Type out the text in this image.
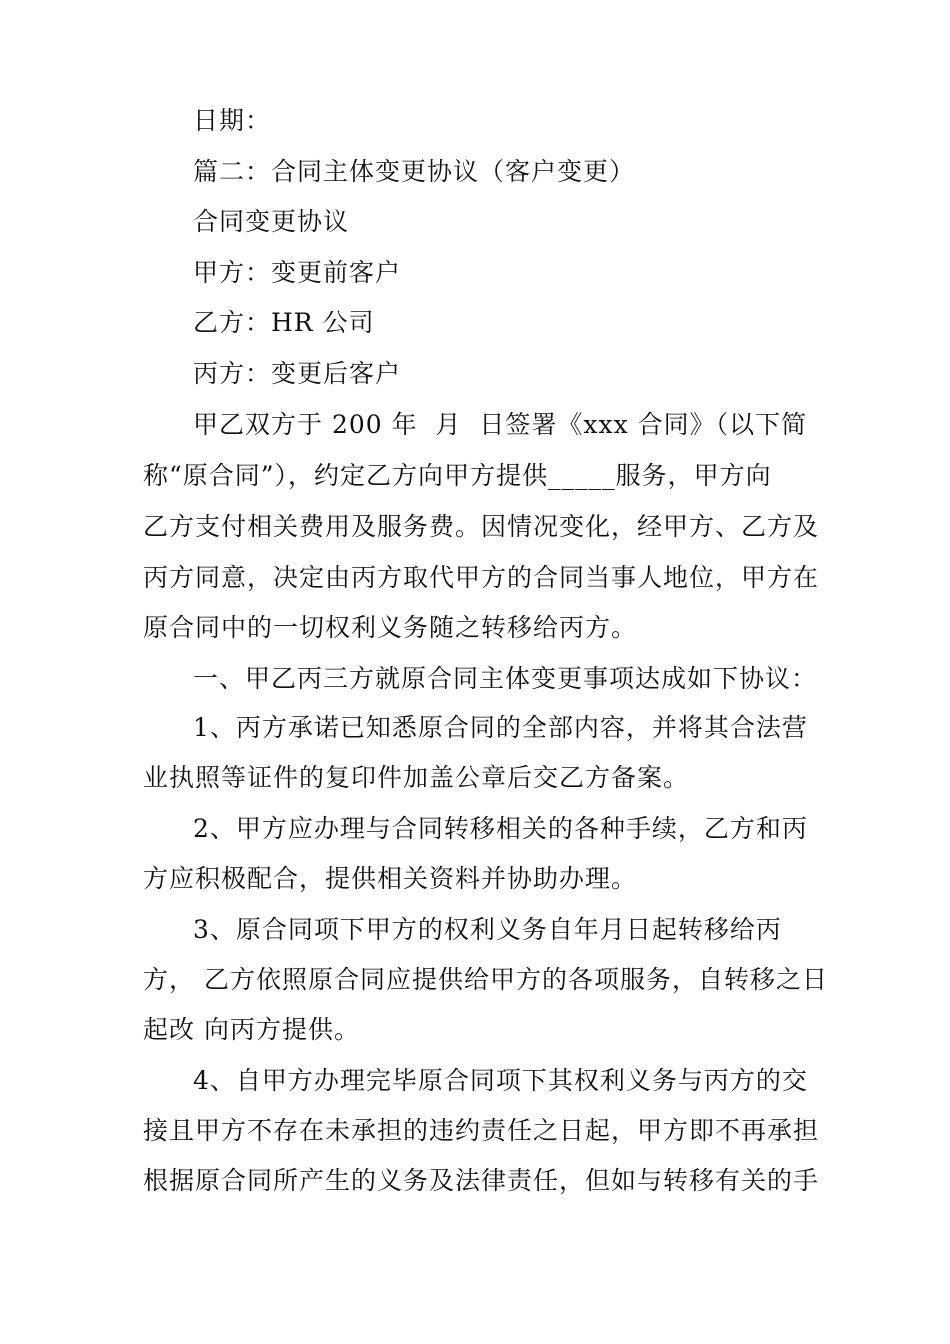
日期：
篇二：合同主体变更协议（客户变更）
合同变更协议
甲方：变更前客户
乙方：HR 公司
丙方：变更后客户
甲乙双方于 200 年  月  日签署《xxx 合同》（以下简
称“原合同”），约定乙方向甲方提供_____服务，甲方向
乙方支付相关费用及服务费。因情况变化，经甲方、乙方及
丙方同意，决定由丙方取代甲方的合同当事人地位，甲方在
原合同中的一切权利义务随之转移给丙方。
一、甲乙丙三方就原合同主体变更事项达成如下协议：
1、丙方承诺已知悉原合同的全部内容，并将其合法营
业执照等证件的复印件加盖公章后交乙方备案。
2、甲方应办理与合同转移相关的各种手续，乙方和丙
方应积极配合，提供相关资料并协助办理。
3、原合同项下甲方的权利义务自年月日起转移给丙
方， 乙方依照原合同应提供给甲方的各项服务，自转移之日
起改 向丙方提供。
4、自甲方办理完毕原合同项下其权利义务与丙方的交
接且甲方不存在未承担的违约责任之日起，甲方即不再承担
根据原合同所产生的义务及法律责任，但如与转移有关的手
